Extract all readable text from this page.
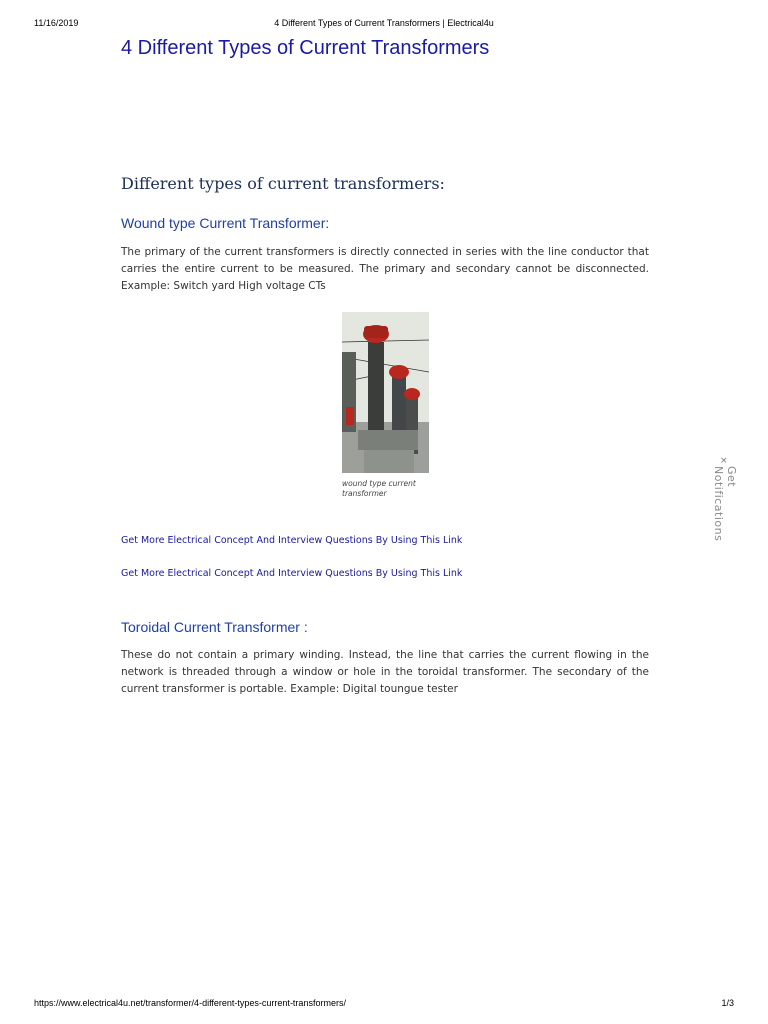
11/16/2019	4 Different Types of Current Transformers | Electrical4u
4 Different Types of Current Transformers
Different types of current transformers:
Wound type Current Transformer:

The primary of the current transformers is directly connected in series with the line conductor that carries the entire current to be measured. The primary and secondary cannot be disconnected. Example: Switch yard High voltage CTs

wound type current transformer
Get More Electrical Concept And Interview Questions By Using This Link
Get More Electrical Concept And Interview Questions By Using This Link
Toroidal Current Transformer :

These do not contain a primary winding. Instead, the line that carries the current flowing in the network is threaded through a window or hole in the toroidal transformer. The secondary of the current transformer is portable. Example: Digital toungue tester

×
Get Notifications
https://www.electrical4u.net/transformer/4-different-types-current-transformers/	1/3
